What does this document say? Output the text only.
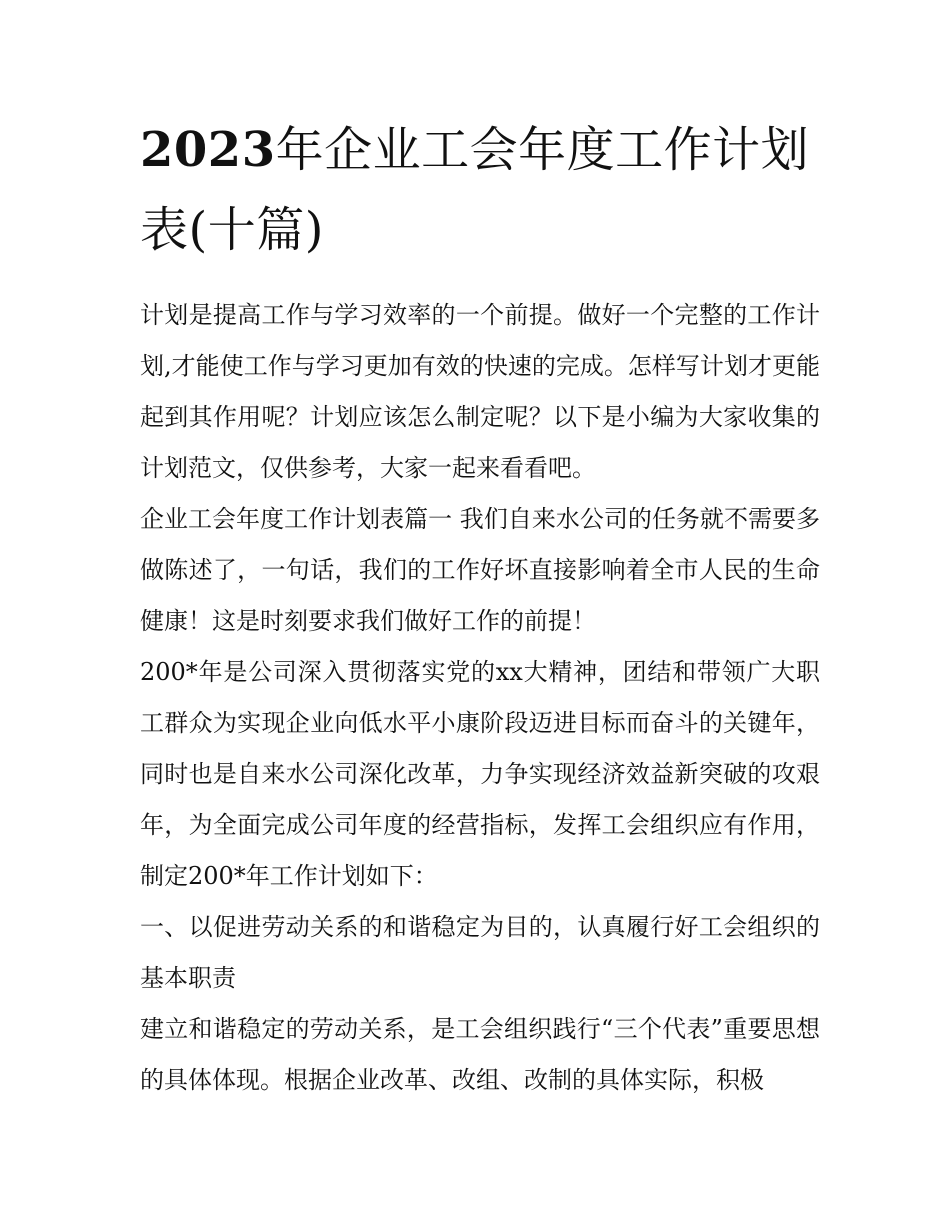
2023年企业工会年度工作计划表(十篇)

计划是提高工作与学习效率的一个前提。做好一个完整的工作计划,才能使工作与学习更加有效的快速的完成。怎样写计划才更能起到其作用呢？计划应该怎么制定呢？以下是小编为大家收集的计划范文，仅供参考，大家一起来看看吧。

企业工会年度工作计划表篇一 我们自来水公司的任务就不需要多做陈述了，一句话，我们的工作好坏直接影响着全市人民的生命健康！这是时刻要求我们做好工作的前提！

200*年是公司深入贯彻落实党的xx大精神，团结和带领广大职工群众为实现企业向低水平小康阶段迈进目标而奋斗的关键年，同时也是自来水公司深化改革，力争实现经济效益新突破的攻艰年，为全面完成公司年度的经营指标，发挥工会组织应有作用，制定200*年工作计划如下：

一、以促进劳动关系的和谐稳定为目的，认真履行好工会组织的基本职责

建立和谐稳定的劳动关系，是工会组织践行“三个代表”重要思想的具体体现。根据企业改革、改组、改制的具体实际，积极
